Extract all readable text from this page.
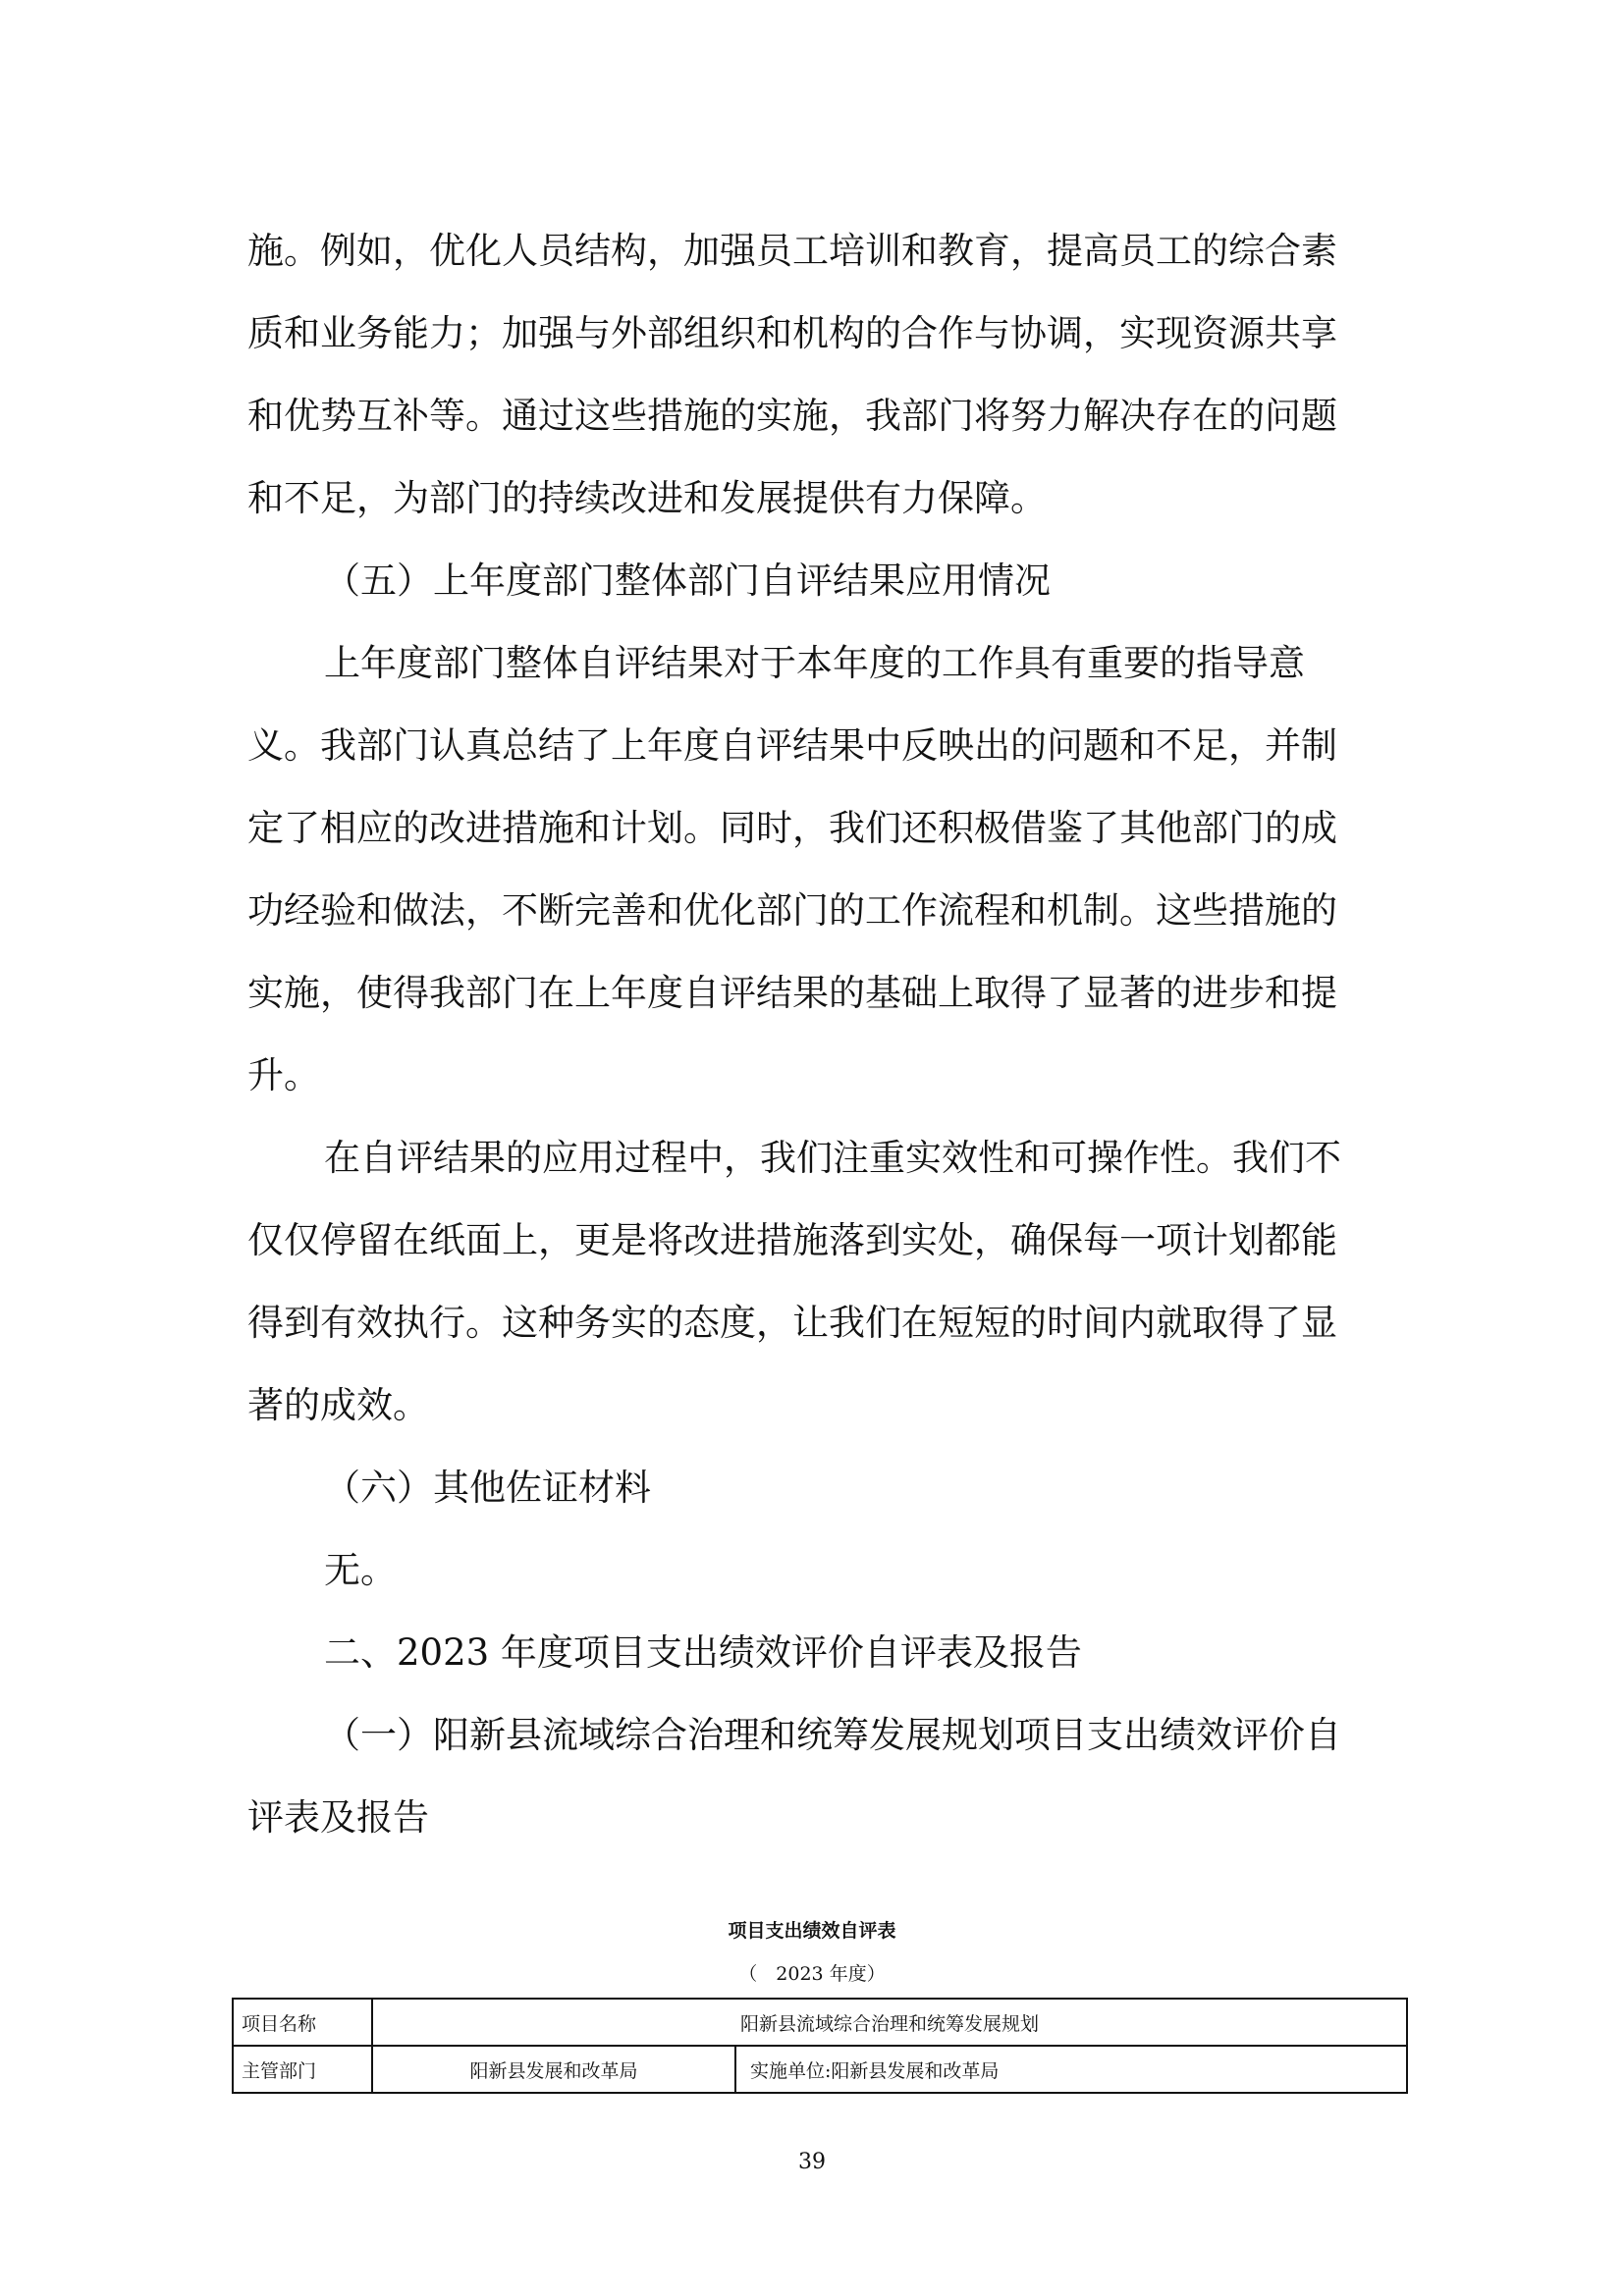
施。例如，优化人员结构，加强员工培训和教育，提高员工的综合素
质和业务能力；加强与外部组织和机构的合作与协调，实现资源共享
和优势互补等。通过这些措施的实施，我部门将努力解决存在的问题
和不足，为部门的持续改进和发展提供有力保障。
（五）上年度部门整体部门自评结果应用情况
上年度部门整体自评结果对于本年度的工作具有重要的指导意
义。我部门认真总结了上年度自评结果中反映出的问题和不足，并制
定了相应的改进措施和计划。同时，我们还积极借鉴了其他部门的成
功经验和做法，不断完善和优化部门的工作流程和机制。这些措施的
实施，使得我部门在上年度自评结果的基础上取得了显著的进步和提
升。
在自评结果的应用过程中，我们注重实效性和可操作性。我们不
仅仅停留在纸面上，更是将改进措施落到实处，确保每一项计划都能
得到有效执行。这种务实的态度，让我们在短短的时间内就取得了显
著的成效。
（六）其他佐证材料
无。
二、2023 年度项目支出绩效评价自评表及报告
（一）阳新县流域综合治理和统筹发展规划项目支出绩效评价自
评表及报告
项目支出绩效自评表
（　2023 年度）
项目名称	阳新县流域综合治理和统筹发展规划	
主管部门	阳新县发展和改革局	实施单位:阳新县发展和改革局
39
